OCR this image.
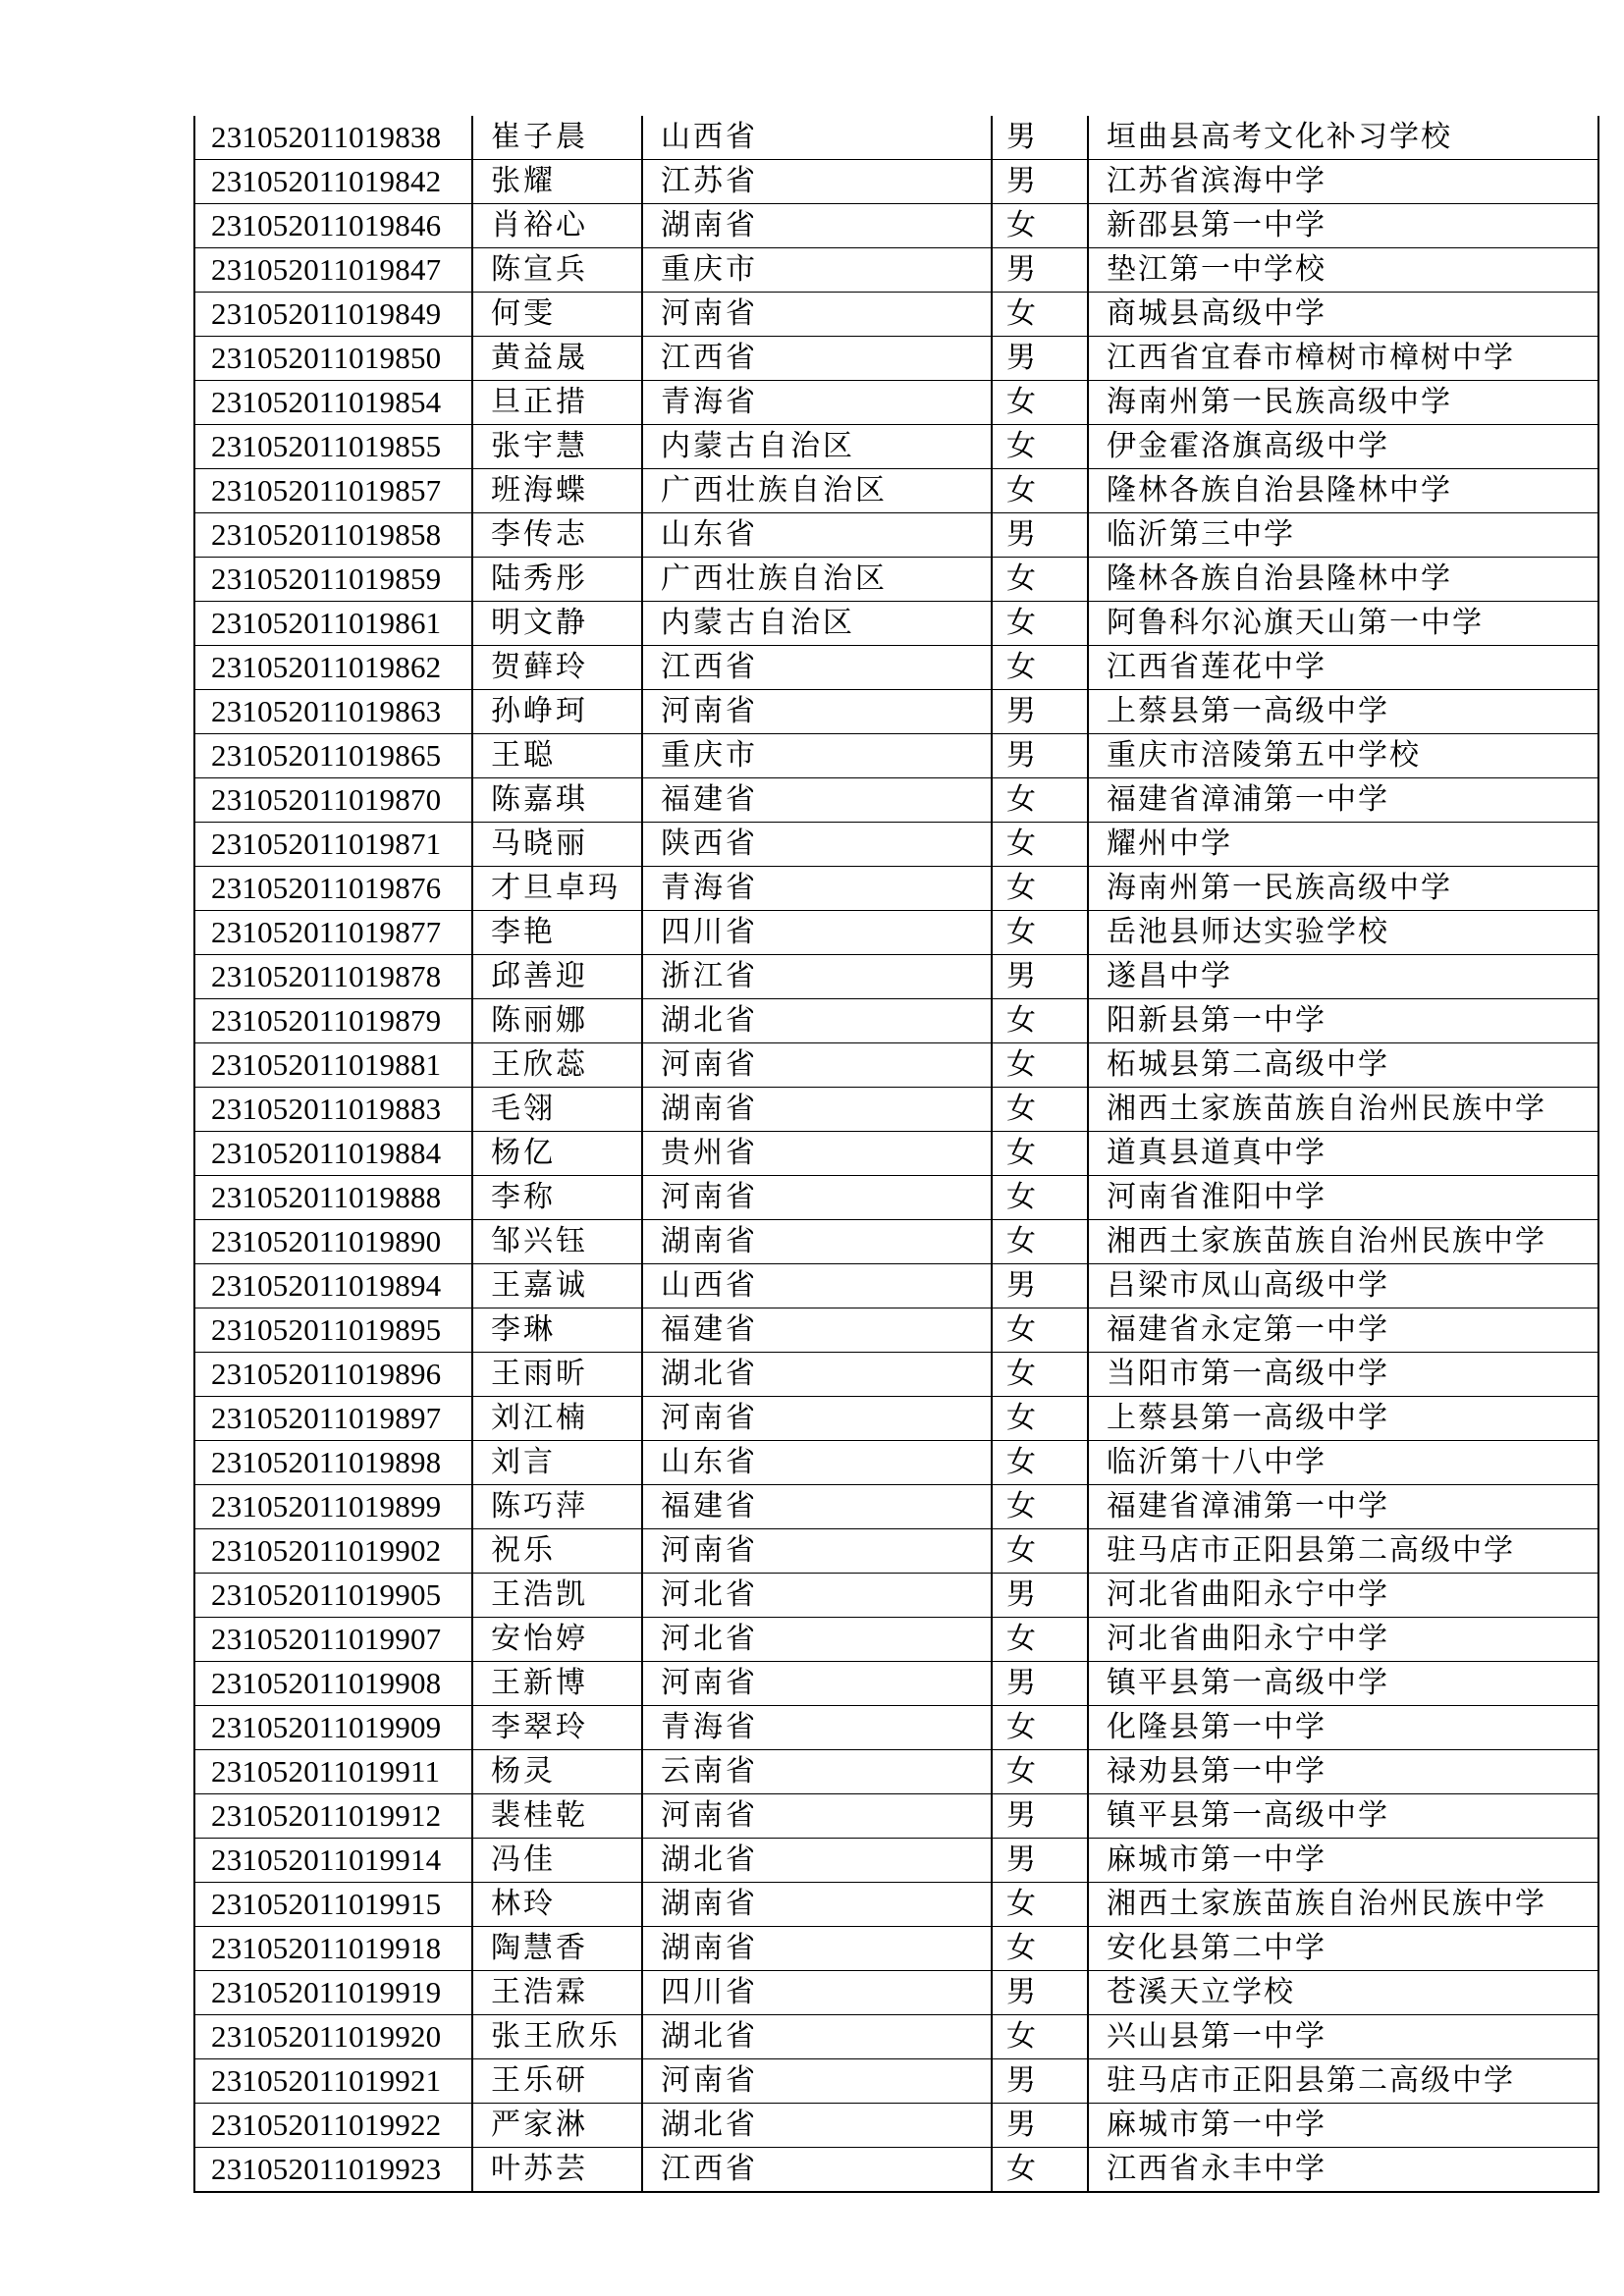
231052011019838	崔子晨	山西省	男	垣曲县高考文化补习学校
231052011019842	张耀	江苏省	男	江苏省滨海中学
231052011019846	肖裕心	湖南省	女	新邵县第一中学
231052011019847	陈宣兵	重庆市	男	垫江第一中学校
231052011019849	何雯	河南省	女	商城县高级中学
231052011019850	黄益晟	江西省	男	江西省宜春市樟树市樟树中学
231052011019854	旦正措	青海省	女	海南州第一民族高级中学
231052011019855	张宇慧	内蒙古自治区	女	伊金霍洛旗高级中学
231052011019857	班海蝶	广西壮族自治区	女	隆林各族自治县隆林中学
231052011019858	李传志	山东省	男	临沂第三中学
231052011019859	陆秀彤	广西壮族自治区	女	隆林各族自治县隆林中学
231052011019861	明文静	内蒙古自治区	女	阿鲁科尔沁旗天山第一中学
231052011019862	贺藓玲	江西省	女	江西省莲花中学
231052011019863	孙峥珂	河南省	男	上蔡县第一高级中学
231052011019865	王聪	重庆市	男	重庆市涪陵第五中学校
231052011019870	陈嘉琪	福建省	女	福建省漳浦第一中学
231052011019871	马晓丽	陕西省	女	耀州中学
231052011019876	才旦卓玛	青海省	女	海南州第一民族高级中学
231052011019877	李艳	四川省	女	岳池县师达实验学校
231052011019878	邱善迎	浙江省	男	遂昌中学
231052011019879	陈丽娜	湖北省	女	阳新县第一中学
231052011019881	王欣蕊	河南省	女	柘城县第二高级中学
231052011019883	毛翎	湖南省	女	湘西土家族苗族自治州民族中学
231052011019884	杨亿	贵州省	女	道真县道真中学
231052011019888	李称	河南省	女	河南省淮阳中学
231052011019890	邹兴钰	湖南省	女	湘西土家族苗族自治州民族中学
231052011019894	王嘉诚	山西省	男	吕梁市凤山高级中学
231052011019895	李琳	福建省	女	福建省永定第一中学
231052011019896	王雨昕	湖北省	女	当阳市第一高级中学
231052011019897	刘江楠	河南省	女	上蔡县第一高级中学
231052011019898	刘言	山东省	女	临沂第十八中学
231052011019899	陈巧萍	福建省	女	福建省漳浦第一中学
231052011019902	祝乐	河南省	女	驻马店市正阳县第二高级中学
231052011019905	王浩凯	河北省	男	河北省曲阳永宁中学
231052011019907	安怡婷	河北省	女	河北省曲阳永宁中学
231052011019908	王新博	河南省	男	镇平县第一高级中学
231052011019909	李翠玲	青海省	女	化隆县第一中学
231052011019911	杨灵	云南省	女	禄劝县第一中学
231052011019912	裴桂乾	河南省	男	镇平县第一高级中学
231052011019914	冯佳	湖北省	男	麻城市第一中学
231052011019915	林玲	湖南省	女	湘西土家族苗族自治州民族中学
231052011019918	陶慧香	湖南省	女	安化县第二中学
231052011019919	王浩霖	四川省	男	苍溪天立学校
231052011019920	张王欣乐	湖北省	女	兴山县第一中学
231052011019921	王乐研	河南省	男	驻马店市正阳县第二高级中学
231052011019922	严家淋	湖北省	男	麻城市第一中学
231052011019923	叶苏芸	江西省	女	江西省永丰中学
